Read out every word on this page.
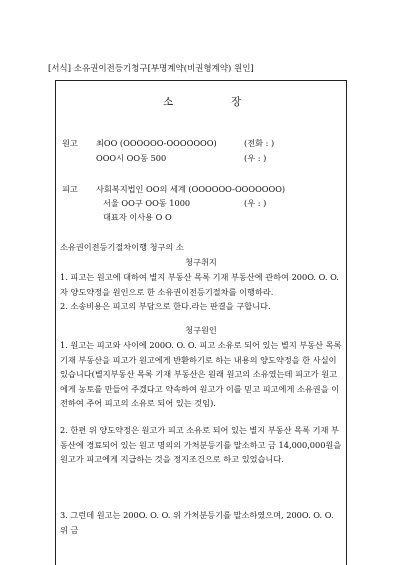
[서식] 소유권이전등기청구[부명계약(비권형계약) 원인]
소장
원고 최OO (OOOOOO-OOOOOOO)	(전화 : )
OOO시 OO동 500	(우 : )
피고 사회복지법인 OO의 세계 (OOOOOO-OOOOOOO)
서울 OO구 OO동 1000	(우 : )
대표자 이사용 O O
소유권이전등기절차이행 청구의 소
청구취지
1. 피고는 원고에 대하여 별지 부동산 목록 기재 부동산에 관하여 200O. O. O.자 양도약정을 원인으로 한 소유권이전등기절차를 이행하라.
2. 소송비용은 피고의 부담으로 한다.라는 판결을 구합니다.
청구원인
1. 원고는 피고와 사이에 200O. O. O. 피고 소유로 되어 있는 별지 부동산 목록 기재 부동산을 피고가 원고에게 반환하기로 하는 내용의 양도약정을 한 사실이 있습니다(별지부동산 목록 기재 부동산은 원래 원고의 소유였는데 피고가 원고에게 농토를 만들어 주겠다고 약속하여 원고가 이를 믿고 피고에게 소유권을 이전하여 주어 피고의 소유로 되어 있는 것임).
2. 한편 위 양도약정은 원고가 피고 소유로 되어 있는 별지 부동산 목록 기재 부동산에 경료되어 있는 원고 명의의 가처분등기를 말소하고 금 14,000,000원을 원고가 피고에게 지급하는 것을 정지조건으로 하고 있었습니다.
3. 그런데 원고는 200O. O. O. 위 가처분등기를 말소하였으며, 200O. O. O. 위 금
